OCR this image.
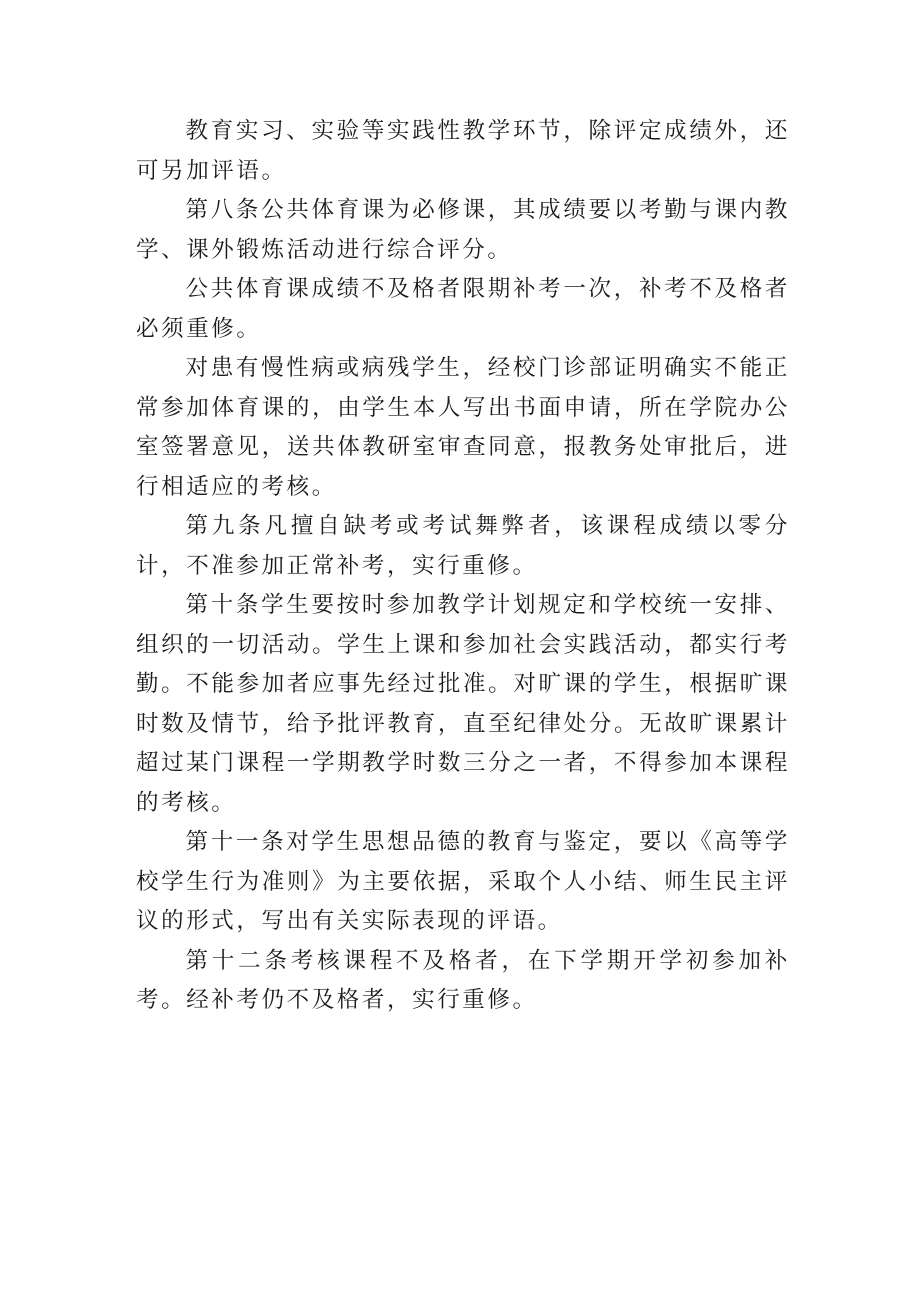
教育实习、实验等实践性教学环节，除评定成绩外，还可另加评语。

第八条公共体育课为必修课，其成绩要以考勤与课内教学、课外锻炼活动进行综合评分。

公共体育课成绩不及格者限期补考一次，补考不及格者必须重修。

对患有慢性病或病残学生，经校门诊部证明确实不能正常参加体育课的，由学生本人写出书面申请，所在学院办公室签署意见，送共体教研室审查同意，报教务处审批后，进行相适应的考核。

第九条凡擅自缺考或考试舞弊者，该课程成绩以零分计，不准参加正常补考，实行重修。

第十条学生要按时参加教学计划规定和学校统一安排、组织的一切活动。学生上课和参加社会实践活动，都实行考勤。不能参加者应事先经过批准。对旷课的学生，根据旷课时数及情节，给予批评教育，直至纪律处分。无故旷课累计超过某门课程一学期教学时数三分之一者，不得参加本课程的考核。

第十一条对学生思想品德的教育与鉴定，要以《高等学校学生行为准则》为主要依据，采取个人小结、师生民主评议的形式，写出有关实际表现的评语。

第十二条考核课程不及格者，在下学期开学初参加补考。经补考仍不及格者，实行重修。
